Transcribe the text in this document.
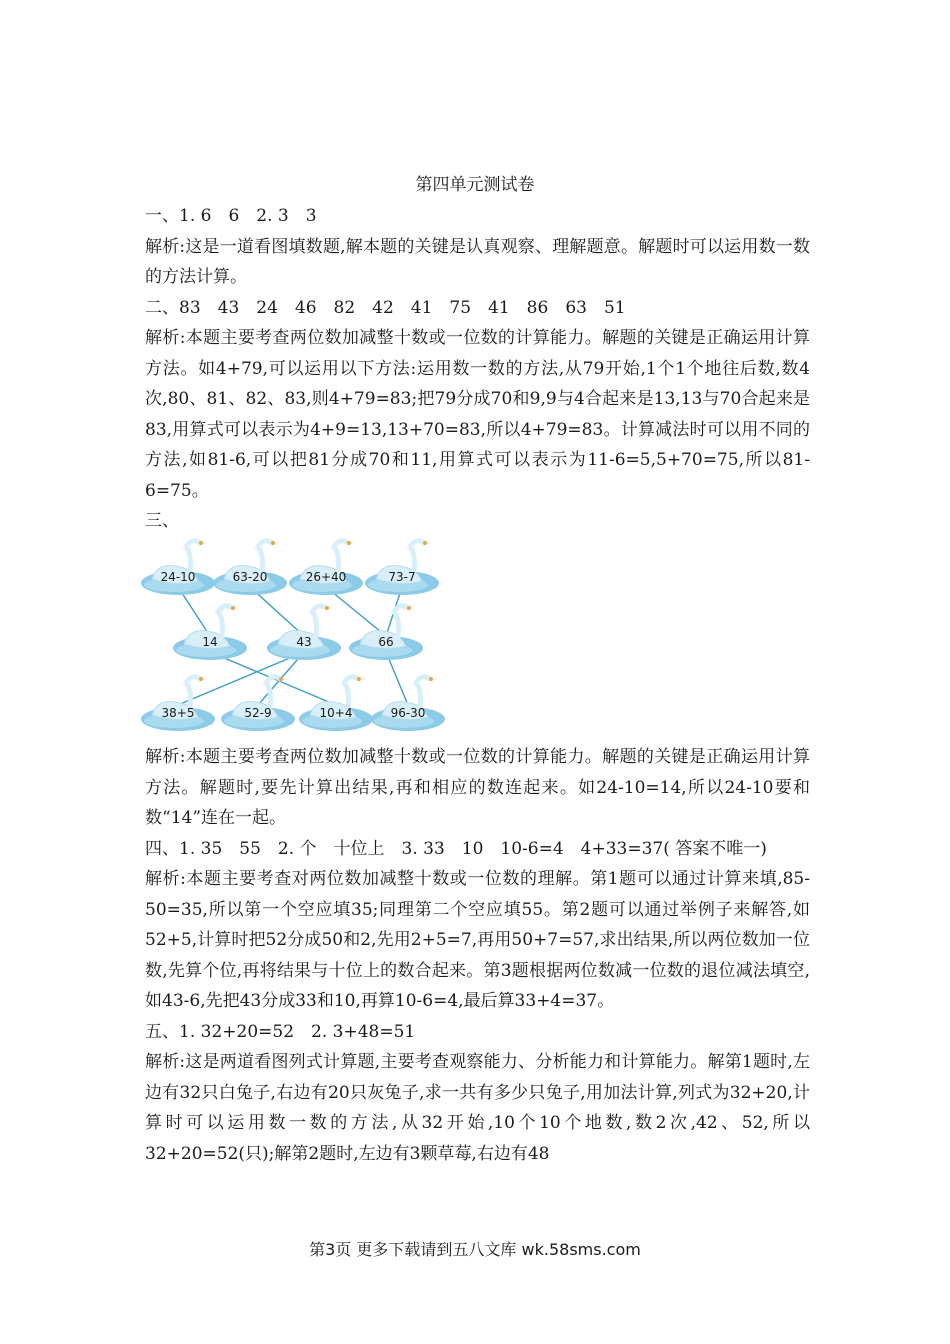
第四单元测试卷

一、1. 6　6　2. 3　3

解析:这是一道看图填数题,解本题的关键是认真观察、理解题意。解题时可以运用数一数的方法计算。

二、83　43　24　46　82　42　41　75　41　86　63　51

解析:本题主要考查两位数加减整十数或一位数的计算能力。解题的关键是正确运用计算方法。如4+79,可以运用以下方法:运用数一数的方法,从79开始,1个1个地往后数,数4次,80、81、82、83,则4+79=83;把79分成70和9,9与4合起来是13,13与70合起来是83,用算式可以表示为4+9=13,13+70=83,所以4+79=83。计算减法时可以用不同的方法,如81-6,可以把81分成70和11,用算式可以表示为11-6=5,5+70=75,所以81-6=75。

三、

24-10	63-20	26+40	73-7
14	43	66
38+5	52-9	10+4	96-30

解析:本题主要考查两位数加减整十数或一位数的计算能力。解题的关键是正确运用计算方法。解题时,要先计算出结果,再和相应的数连起来。如24-10=14,所以24-10要和数“14”连在一起。

四、1. 35　55　2. 个　十位上　3. 33　10　10-6=4　4+33=37( 答案不唯一)

解析:本题主要考查对两位数加减整十数或一位数的理解。第1题可以通过计算来填,85-50=35,所以第一个空应填35;同理第二个空应填55。第2题可以通过举例子来解答,如52+5,计算时把52分成50和2,先用2+5=7,再用50+7=57,求出结果,所以两位数加一位数,先算个位,再将结果与十位上的数合起来。第3题根据两位数减一位数的退位减法填空,如43-6,先把43分成33和10,再算10-6=4,最后算33+4=37。

五、1. 32+20=52　2. 3+48=51

解析:这是两道看图列式计算题,主要考查观察能力、分析能力和计算能力。解第1题时,左边有32只白兔子,右边有20只灰兔子,求一共有多少只兔子,用加法计算,列式为32+20,计算时可以运用数一数的方法,从32开始,10个10个地数,数2次,42、52,所以32+20=52(只);解第2题时,左边有3颗草莓,右边有48

第3页 更多下载请到五八文库 wk.58sms.com
